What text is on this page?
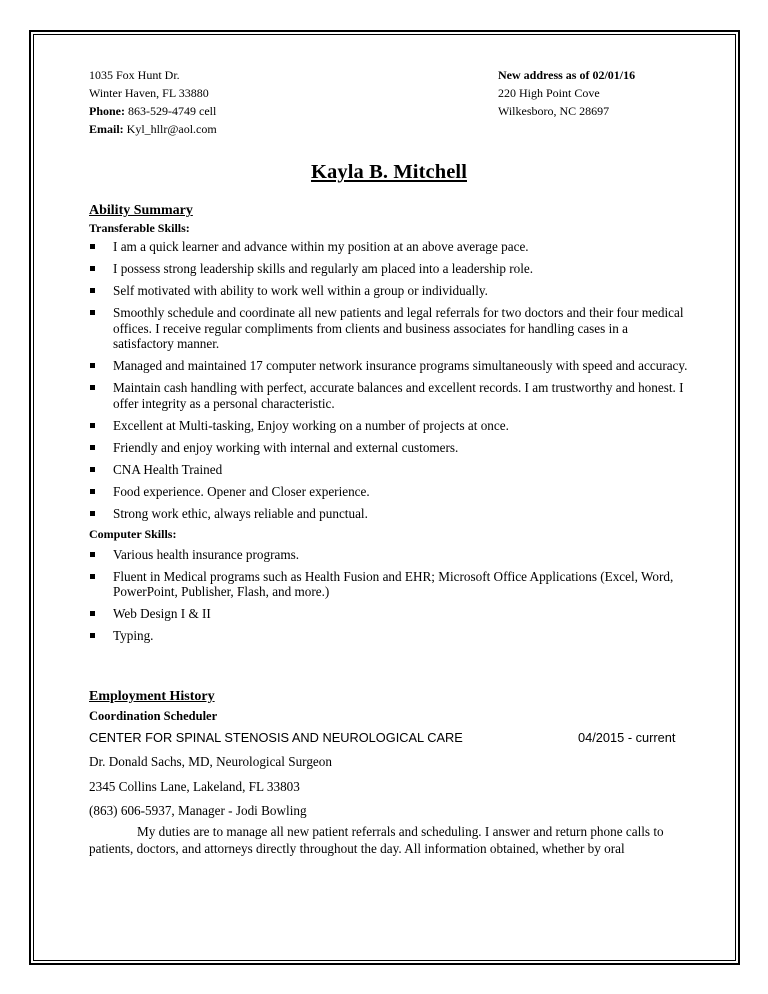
1035 Fox Hunt Dr.
Winter Haven, FL 33880
Phone: 863-529-4749 cell
Email: Kyl_hllr@aol.com
New address as of 02/01/16
220 High Point Cove
Wilkesboro, NC 28697
Kayla B. Mitchell
Ability Summary
Transferable Skills:
I am a quick learner and advance within my position at an above average pace.
I possess strong leadership skills and regularly am placed into a leadership role.
Self motivated with ability to work well within a group or individually.
Smoothly schedule and coordinate all new patients and legal referrals for two doctors and their four medical offices. I receive regular compliments from clients and business associates for handling cases in a satisfactory manner.
Managed and maintained 17 computer network insurance programs simultaneously with speed and accuracy.
Maintain cash handling with perfect, accurate balances and excellent records. I am trustworthy and honest. I offer integrity as a personal characteristic.
Excellent at Multi-tasking, Enjoy working on a number of projects at once.
Friendly and enjoy working with internal and external customers.
CNA Health Trained
Food experience. Opener and Closer experience.
Strong work ethic, always reliable and punctual.
Computer Skills:
Various health insurance programs.
Fluent in Medical programs such as Health Fusion and EHR; Microsoft Office Applications (Excel, Word, PowerPoint, Publisher, Flash, and more.)
Web Design I & II
Typing.
Employment History
Coordination Scheduler
CENTER FOR SPINAL STENOSIS AND NEUROLOGICAL CARE	04/2015 - current
Dr. Donald Sachs, MD, Neurological Surgeon
2345 Collins Lane, Lakeland, FL 33803
(863) 606-5937, Manager - Jodi Bowling
My duties are to manage all new patient referrals and scheduling. I answer and return phone calls to patients, doctors, and attorneys directly throughout the day. All information obtained, whether by oral
